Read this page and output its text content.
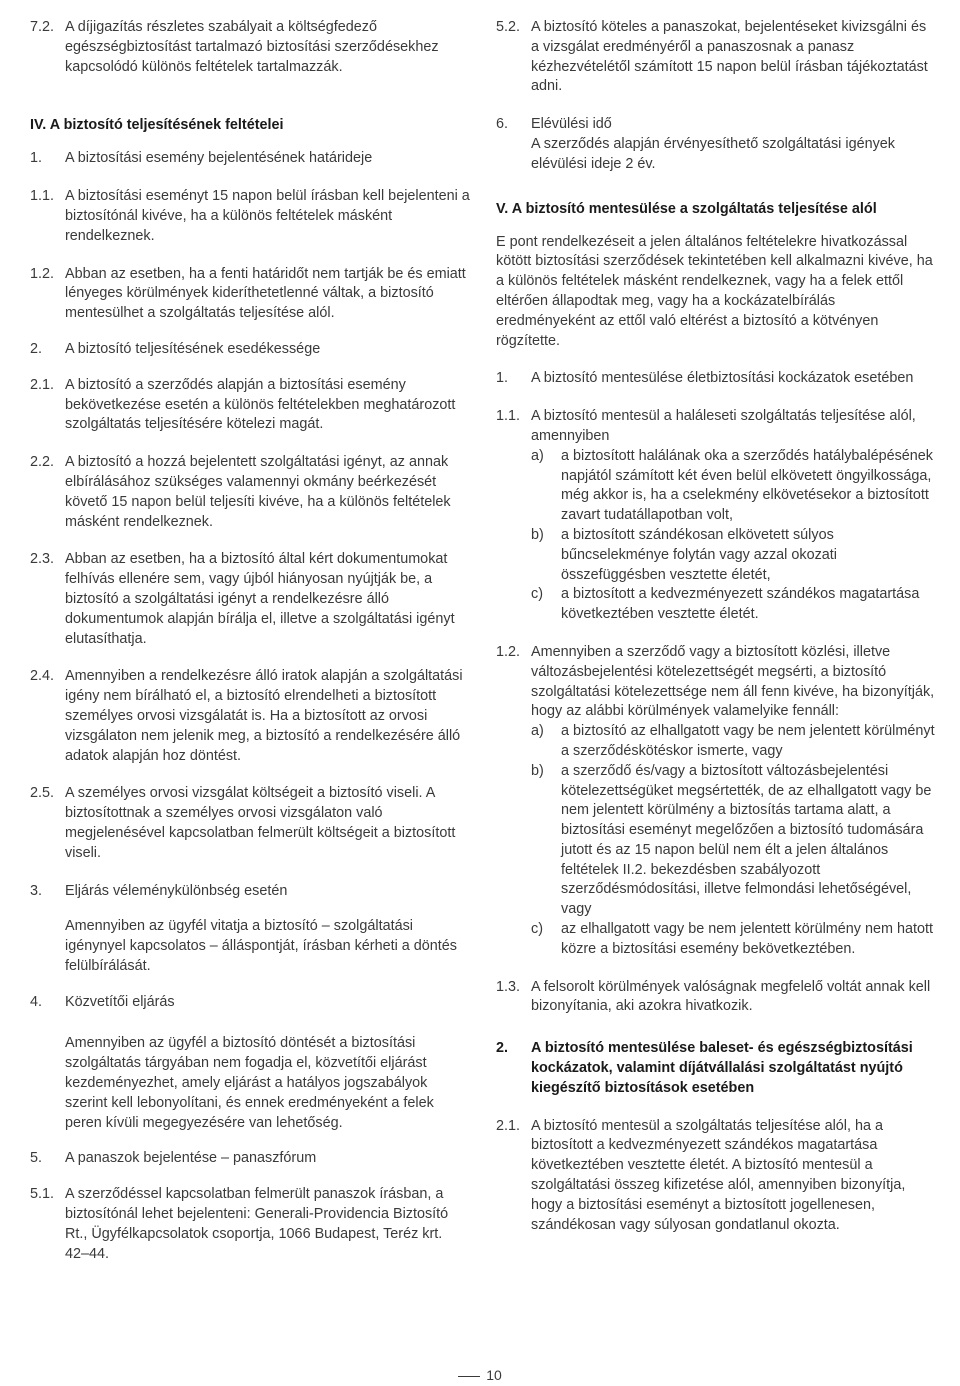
7.2. A díjigazítás részletes szabályait a költségfedező egészségbiztosítást tartalmazó biztosítási szerződésekhez kapcsolódó különös feltételek tartalmazzák.

IV. A biztosító teljesítésének feltételei

1. A biztosítási esemény bejelentésének határideje

1.1. A biztosítási eseményt 15 napon belül írásban kell bejelenteni a biztosítónál kivéve, ha a különös feltételek másként rendelkeznek.

1.2. Abban az esetben, ha a fenti határidőt nem tartják be és emiatt lényeges körülmények kideríthetetlenné váltak, a biztosító mentesülhet a szolgáltatás teljesítése alól.

2. A biztosító teljesítésének esedékessége

2.1. A biztosító a szerződés alapján a biztosítási esemény bekövetkezése esetén a különös feltételekben meghatározott szolgáltatás teljesítésére kötelezi magát.

2.2. A biztosító a hozzá bejelentett szolgáltatási igényt, az annak elbírálásához szükséges valamennyi okmány beérkezését követő 15 napon belül teljesíti kivéve, ha a különös feltételek másként rendelkeznek.

2.3. Abban az esetben, ha a biztosító által kért dokumentumokat felhívás ellenére sem, vagy újból hiányosan nyújtják be, a biztosító a szolgáltatási igényt a rendelkezésre álló dokumentumok alapján bírálja el, illetve a szolgáltatási igényt elutasíthatja.

2.4. Amennyiben a rendelkezésre álló iratok alapján a szolgáltatási igény nem bírálható el, a biztosító elrendelheti a biztosított személyes orvosi vizsgálatát is. Ha a biztosított az orvosi vizsgálaton nem jelenik meg, a biztosító a rendelkezésére álló adatok alapján hoz döntést.

2.5. A személyes orvosi vizsgálat költségeit a biztosító viseli. A biztosítottnak a személyes orvosi vizsgálaton való megjelenésével kapcsolatban felmerült költségeit a biztosított viseli.

3. Eljárás véleménykülönbség esetén

Amennyiben az ügyfél vitatja a biztosító – szolgáltatási igénynyel kapcsolatos – álláspontját, írásban kérheti a döntés felülbírálását.

4. Közvetítői eljárás

Amennyiben az ügyfél a biztosító döntését a biztosítási szolgáltatás tárgyában nem fogadja el, közvetítői eljárást kezdeményezhet, amely eljárást a hatályos jogszabályok szerint kell lebonyolítani, és ennek eredményeként a felek peren kívüli megegyezésére van lehetőség.

5. A panaszok bejelentése – panaszfórum

5.1. A szerződéssel kapcsolatban felmerült panaszok írásban, a biztosítónál lehet bejelenteni: Generali-Providencia Biztosító Rt., Ügyfélkapcsolatok csoportja, 1066 Budapest, Teréz krt. 42–44.

5.2. A biztosító köteles a panaszokat, bejelentéseket kivizsgálni és a vizsgálat eredményéről a panaszosnak a panasz kézhezvételétől számított 15 napon belül írásban tájékoztatást adni.

6. Elévülési idő

A szerződés alapján érvényesíthető szolgáltatási igények elévülési ideje 2 év.

V. A biztosító mentesülése a szolgáltatás teljesítése alól

E pont rendelkezéseit a jelen általános feltételekre hivatkozással kötött biztosítási szerződések tekintetében kell alkalmazni kivéve, ha a különös feltételek másként rendelkeznek, vagy ha a felek ettől eltérően állapodtak meg, vagy ha a kockázatelbírálás eredményeként az ettől való eltérést a biztosító a kötvényen rögzítette.

1. A biztosító mentesülése életbiztosítási kockázatok esetében

1.1. A biztosító mentesül a haláleseti szolgáltatás teljesítése alól, amennyiben
a) a biztosított halálának oka a szerződés hatálybalépésének napjától számított két éven belül elkövetett öngyilkossága, még akkor is, ha a cselekmény elkövetésekor a biztosított zavart tudatállapotban volt,
b) a biztosított szándékosan elkövetett súlyos bűncselekménye folytán vagy azzal okozati összefüggésben vesztette életét,
c) a biztosított a kedvezményezett szándékos magatartása következtében vesztette életét.
1.2. Amennyiben a szerződő vagy a biztosított közlési, illetve változásbejelentési kötelezettségét megsérti, a biztosító szolgáltatási kötelezettsége nem áll fenn kivéve, ha bizonyítják, hogy az alábbi körülmények valamelyike fennáll:
a) a biztosító az elhallgatott vagy be nem jelentett körülményt a szerződéskötéskor ismerte, vagy
b) a szerződő és/vagy a biztosított változásbejelentési kötelezettségüket megsértették, de az elhallgatott vagy be nem jelentett körülmény a biztosítás tartama alatt, a biztosítási eseményt megelőzően a biztosító tudomására jutott és az 15 napon belül nem élt a jelen általános feltételek II.2. bekezdésben szabályozott szerződésmódosítási, illetve felmondási lehetőségével, vagy
c) az elhallgatott vagy be nem jelentett körülmény nem hatott közre a biztosítási esemény bekövetkeztében.

1.3. A felsorolt körülmények valóságnak megfelelő voltát annak kell bizonyítania, aki azokra hivatkozik.

2. A biztosító mentesülése baleset- és egészségbiztosítási kockázatok, valamint díjátvállalási szolgáltatást nyújtó kiegészítő biztosítások esetében

2.1. A biztosító mentesül a szolgáltatás teljesítése alól, ha a biztosított a kedvezményezett szándékos magatartása következtében vesztette életét. A biztosító mentesül a szolgáltatási összeg kifizetése alól, amennyiben bizonyítja, hogy a biztosítási eseményt a biztosított jogellenesen, szándékosan vagy súlyosan gondatlanul okozta.

10
